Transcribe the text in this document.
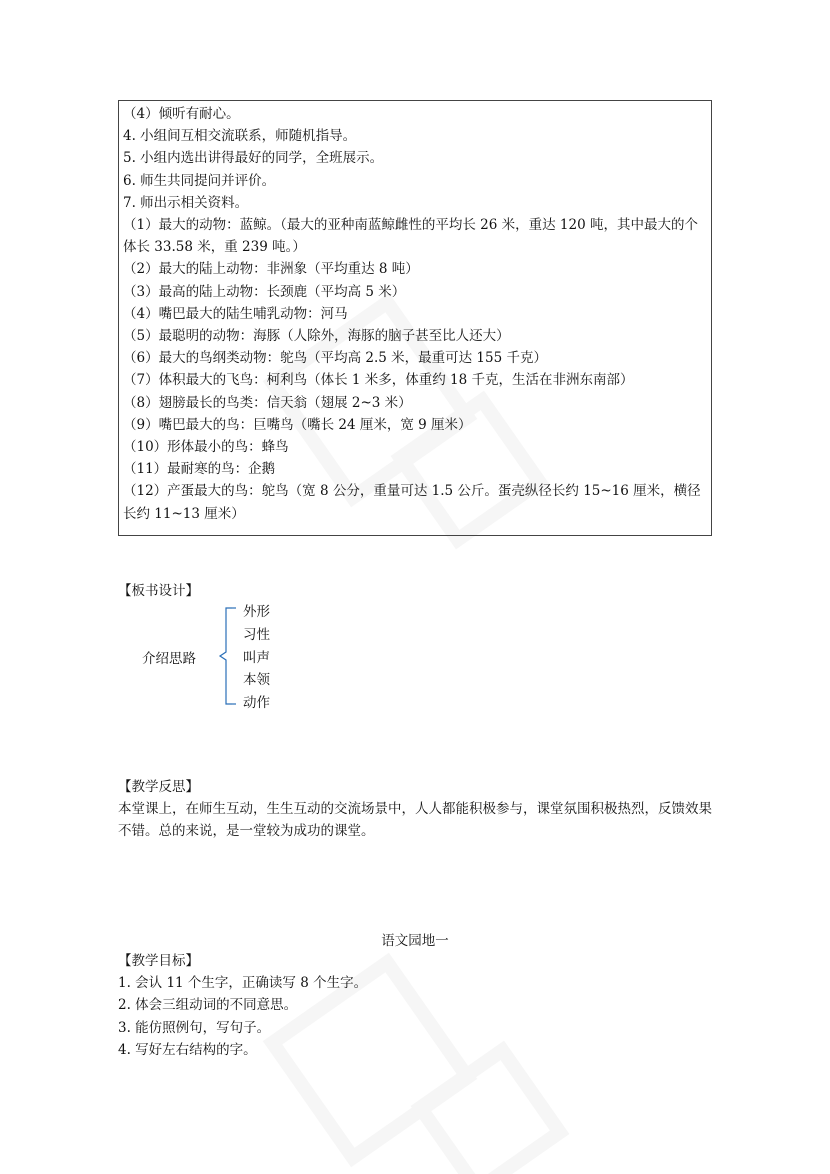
（4）倾听有耐心。
4. 小组间互相交流联系，师随机指导。
5. 小组内选出讲得最好的同学，全班展示。
6. 师生共同提问并评价。
7. 师出示相关资料。
（1）最大的动物：蓝鲸。（最大的亚种南蓝鲸雌性的平均长 26 米，重达 120 吨，其中最大的个体长 33.58 米，重 239 吨。）
（2）最大的陆上动物：非洲象（平均重达 8 吨）
（3）最高的陆上动物：长颈鹿（平均高 5 米）
（4）嘴巴最大的陆生哺乳动物：河马
（5）最聪明的动物：海豚（人除外，海豚的脑子甚至比人还大）
（6）最大的鸟纲类动物：鸵鸟（平均高 2.5 米，最重可达 155 千克）
（7）体积最大的飞鸟：柯利鸟（体长 1 米多，体重约 18 千克，生活在非洲东南部）
（8）翅膀最长的鸟类：信天翁（翅展 2~3 米）
（9）嘴巴最大的鸟：巨嘴鸟（嘴长 24 厘米，宽 9 厘米）
（10）形体最小的鸟：蜂鸟
（11）最耐寒的鸟：企鹅
（12）产蛋最大的鸟：鸵鸟（宽 8 公分，重量可达 1.5 公斤。蛋壳纵径长约 15~16 厘米，横径长约 11~13 厘米）
【板书设计】
介绍思路
外形
习性
叫声
本领
动作
【教学反思】
本堂课上，在师生互动，生生互动的交流场景中，人人都能积极参与，课堂氛围积极热烈，反馈效果不错。总的来说，是一堂较为成功的课堂。
语文园地一
【教学目标】
1. 会认 11 个生字，正确读写 8 个生字。
2. 体会三组动词的不同意思。
3. 能仿照例句，写句子。
4. 写好左右结构的字。
